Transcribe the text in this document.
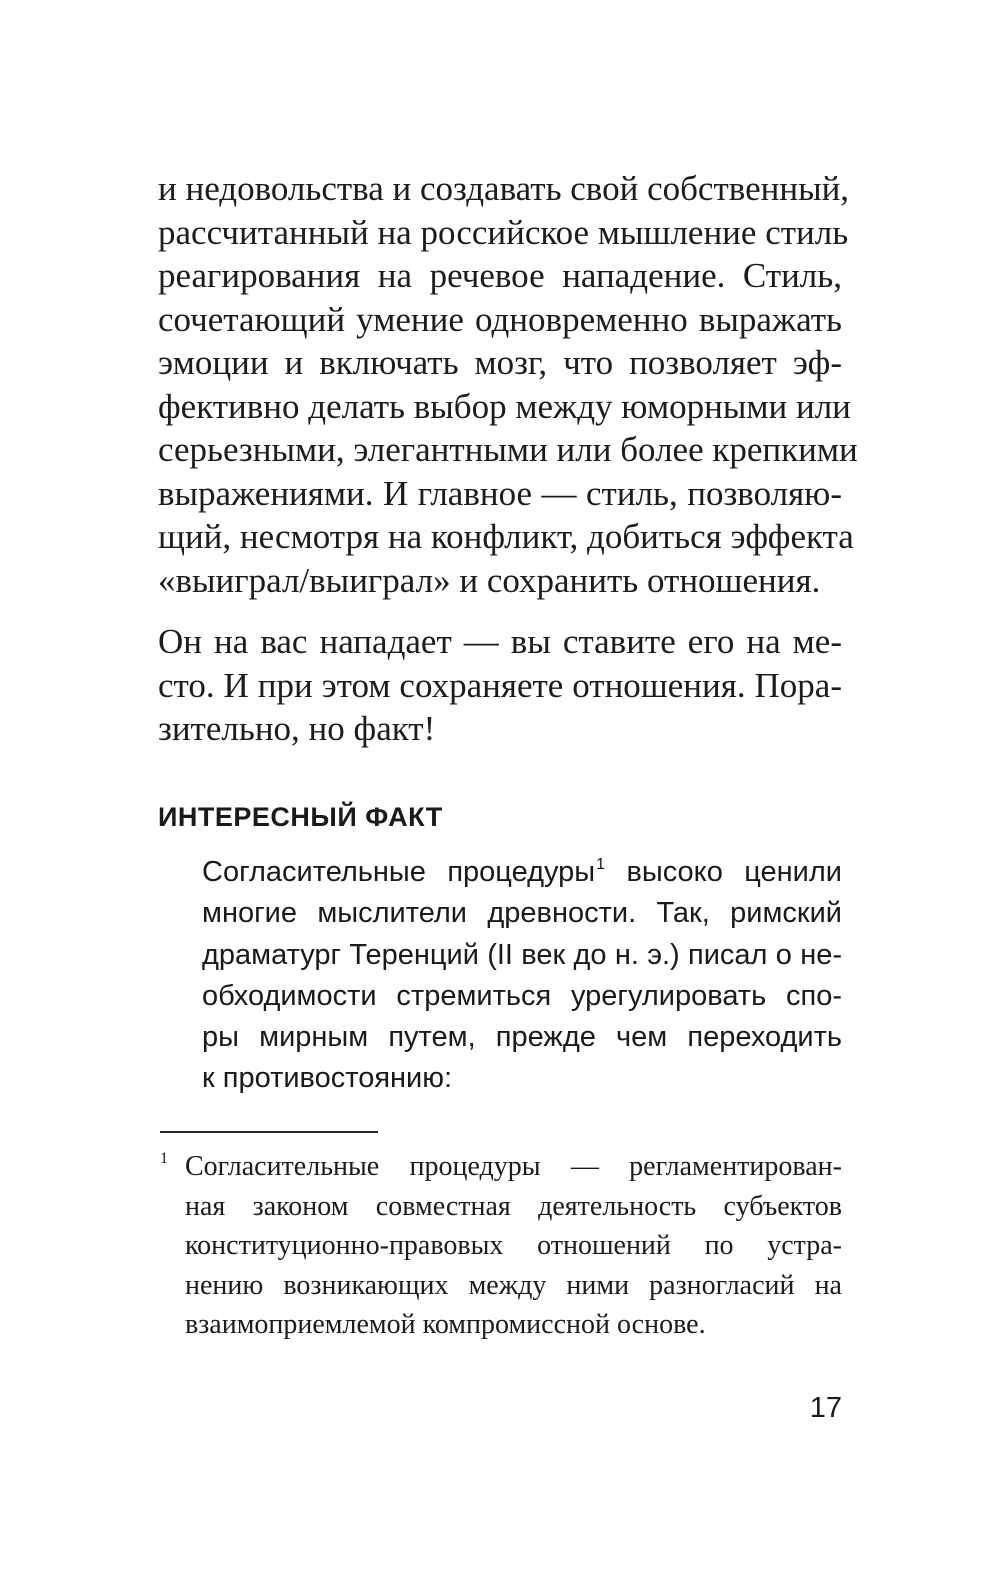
и недовольства и создавать свой собственный,
рассчитанный на российское мышление стиль
реагирования на речевое нападение. Стиль,
сочетающий умение одновременно выражать
эмоции и включать мозг, что позволяет эф-
фективно делать выбор между юморными или
серьезными, элегантными или более крепкими
выражениями. И главное — стиль, позволяю-
щий, несмотря на конфликт, добиться эффекта
«выиграл/выиграл» и сохранить отношения.
Он на вас нападает — вы ставите его на ме-
сто. И при этом сохраняете отношения. Пора-
зительно, но факт!
ИНТЕРЕСНЫЙ ФАКТ
Согласительные процедуры$^1$ высоко ценили
многие мыслители древности. Так, римский
драматург Теренций (II век до н. э.) писал о не-
обходимости стремиться урегулировать спо-
ры мирным путем, прежде чем переходить
к противостоянию:
1 Согласительные процедуры — регламентирован-
ная законом совместная деятельность субъектов
конституционно-правовых отношений по устра-
нению возникающих между ними разногласий на
взаимоприемлемой компромиссной основе.
17
